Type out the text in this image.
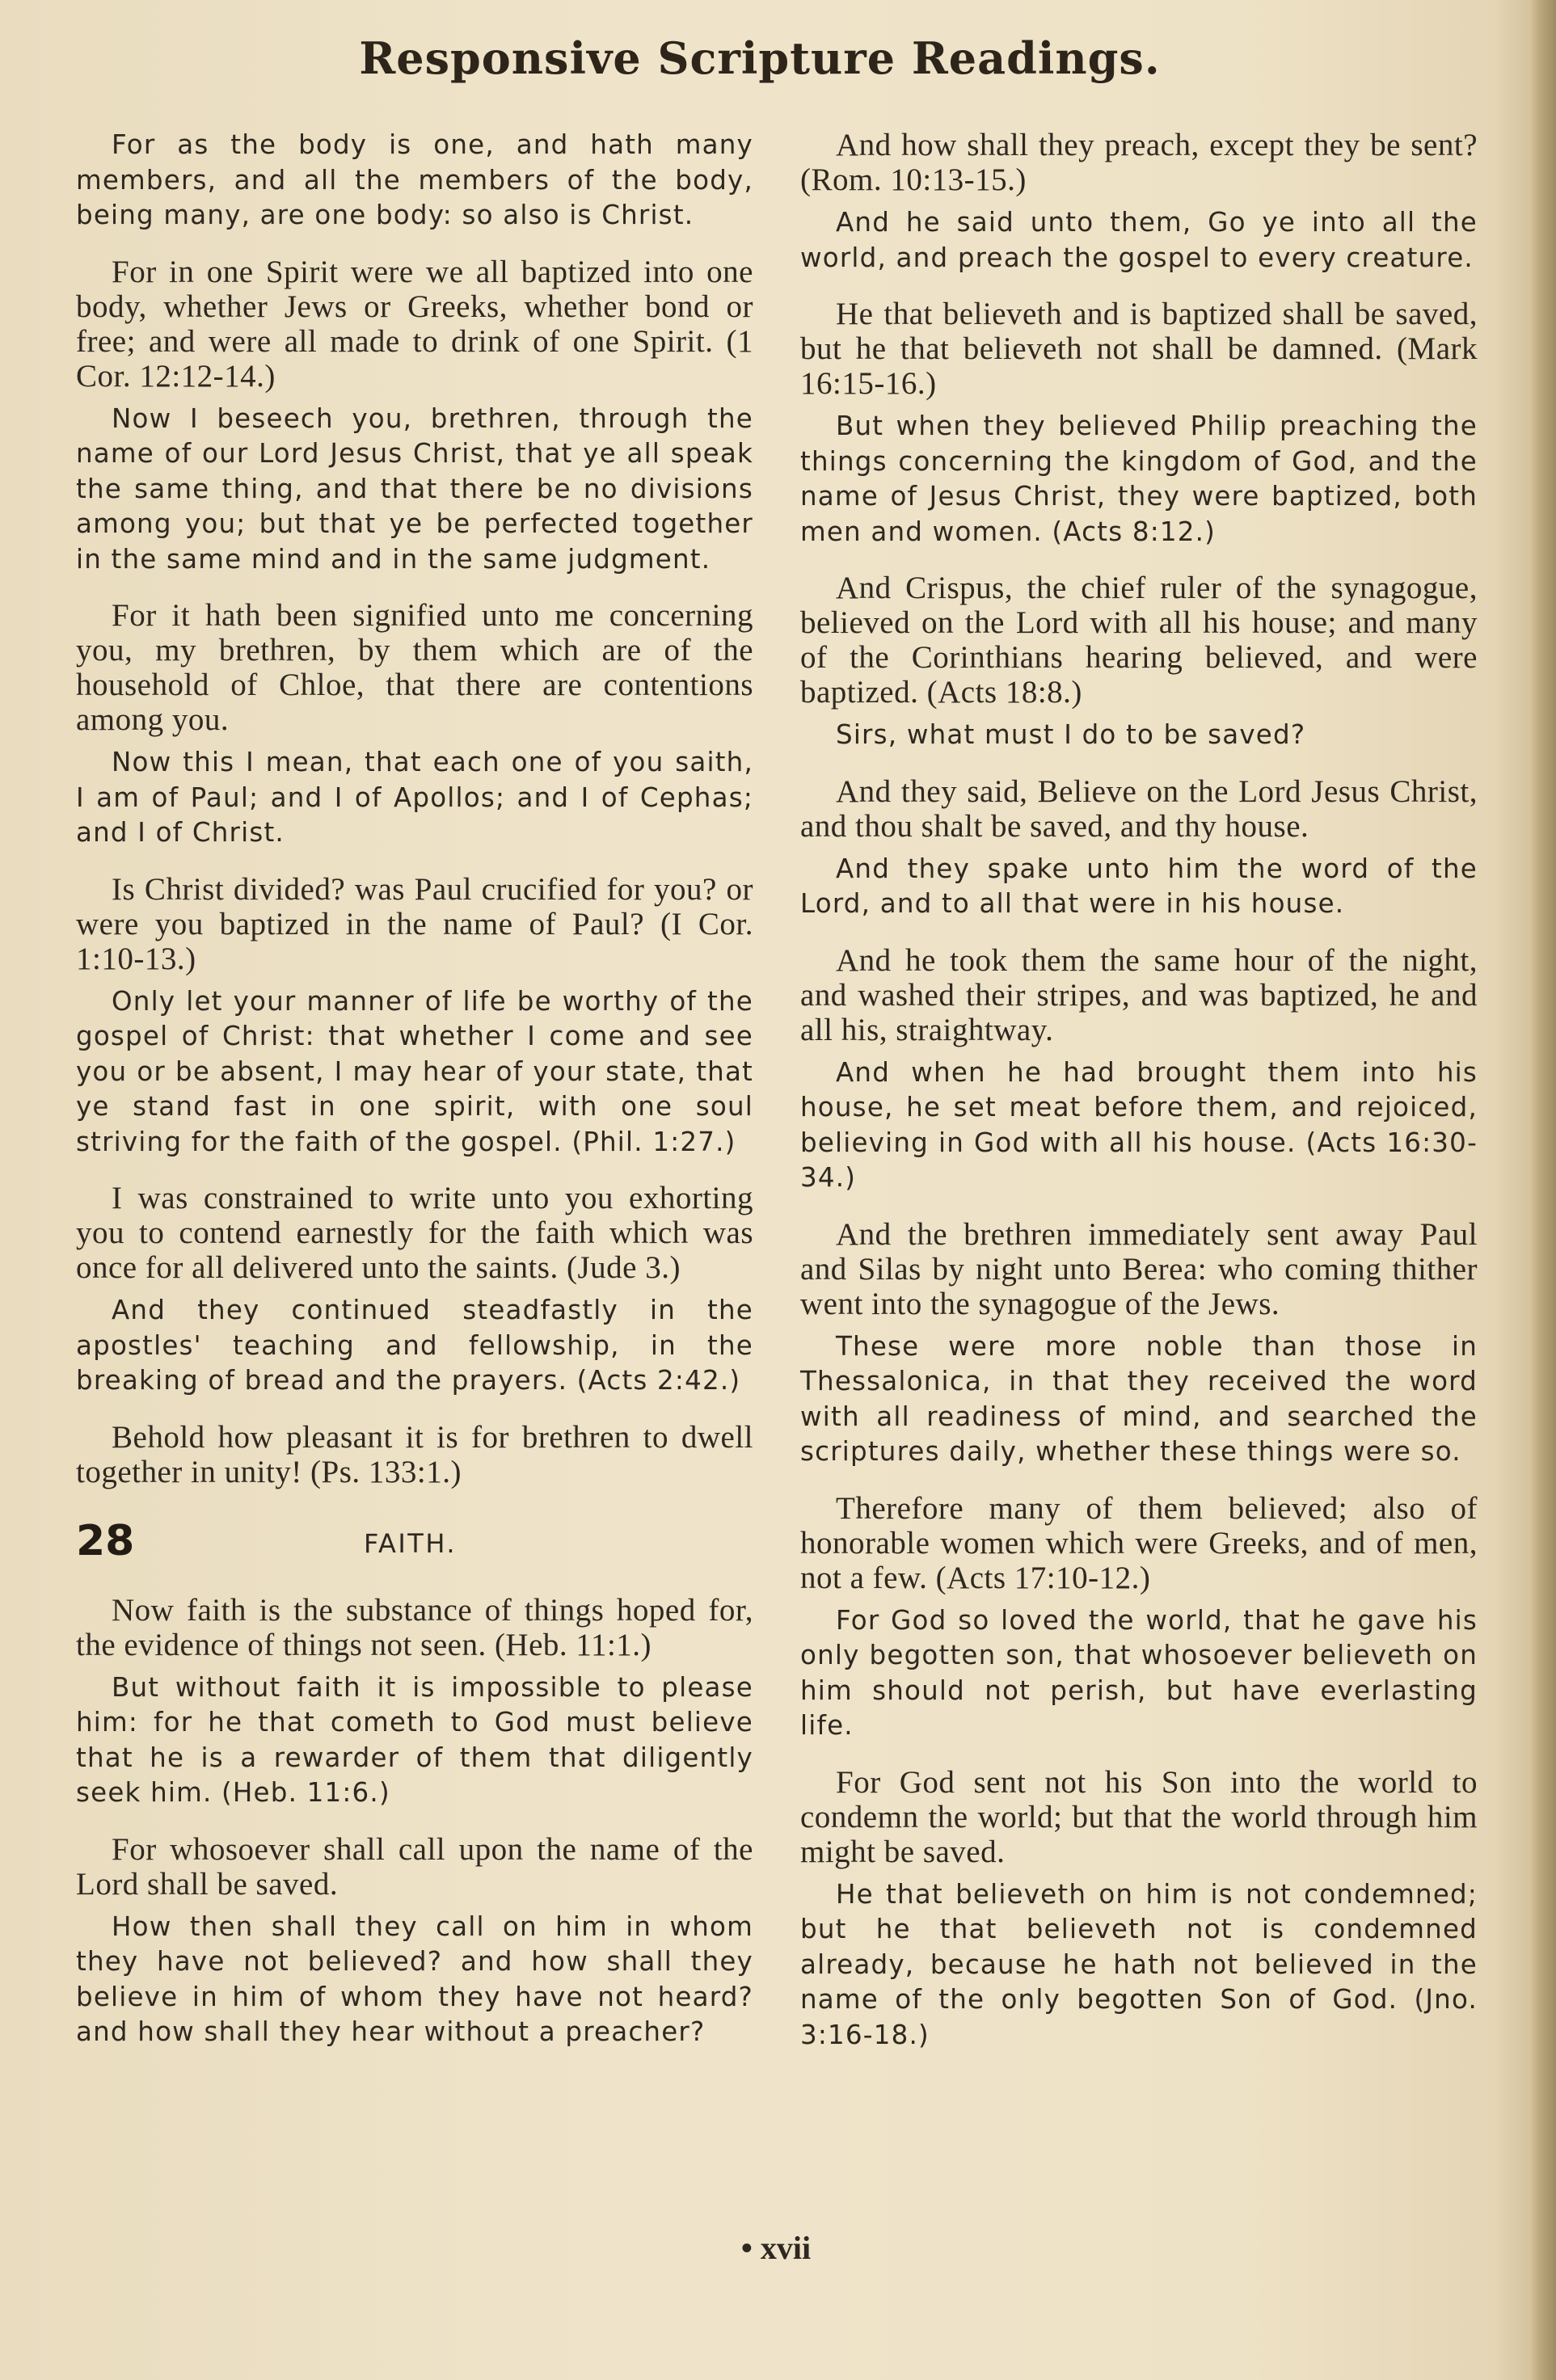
Responsive Scripture Readings.

For as the body is one, and hath many members, and all the members of the body, being many, are one body: so also is Christ.

For in one Spirit were we all baptized into one body, whether Jews or Greeks, whether bond or free; and were all made to drink of one Spirit. (1 Cor. 12:12-14.)

Now I beseech you, brethren, through the name of our Lord Jesus Christ, that ye all speak the same thing, and that there be no divisions among you; but that ye be perfected together in the same mind and in the same judgment.

For it hath been signified unto me concerning you, my brethren, by them which are of the household of Chloe, that there are contentions among you.

Now this I mean, that each one of you saith, I am of Paul; and I of Apollos; and I of Cephas; and I of Christ.

Is Christ divided? was Paul crucified for you? or were you baptized in the name of Paul? (I Cor. 1:10-13.)

Only let your manner of life be worthy of the gospel of Christ: that whether I come and see you or be absent, I may hear of your state, that ye stand fast in one spirit, with one soul striving for the faith of the gospel. (Phil. 1:27.)

I was constrained to write unto you exhorting you to contend earnestly for the faith which was once for all delivered unto the saints. (Jude 3.)

And they continued steadfastly in the apostles' teaching and fellowship, in the breaking of bread and the prayers. (Acts 2:42.)

Behold how pleasant it is for brethren to dwell together in unity! (Ps. 133:1.)

28	FAITH.

Now faith is the substance of things hoped for, the evidence of things not seen. (Heb. 11:1.)

But without faith it is impossible to please him: for he that cometh to God must believe that he is a rewarder of them that diligently seek him. (Heb. 11:6.)

For whosoever shall call upon the name of the Lord shall be saved.

How then shall they call on him in whom they have not believed? and how shall they believe in him of whom they have not heard? and how shall they hear without a preacher?

And how shall they preach, except they be sent? (Rom. 10:13-15.)

And he said unto them, Go ye into all the world, and preach the gospel to every creature.

He that believeth and is baptized shall be saved, but he that believeth not shall be damned. (Mark 16:15-16.)

But when they believed Philip preaching the things concerning the kingdom of God, and the name of Jesus Christ, they were baptized, both men and women. (Acts 8:12.)

And Crispus, the chief ruler of the synagogue, believed on the Lord with all his house; and many of the Corinthians hearing believed, and were baptized. (Acts 18:8.)

Sirs, what must I do to be saved?

And they said, Believe on the Lord Jesus Christ, and thou shalt be saved, and thy house.

And they spake unto him the word of the Lord, and to all that were in his house.

And he took them the same hour of the night, and washed their stripes, and was baptized, he and all his, straightway.

And when he had brought them into his house, he set meat before them, and rejoiced, believing in God with all his house. (Acts 16:30-34.)

And the brethren immediately sent away Paul and Silas by night unto Berea: who coming thither went into the synagogue of the Jews.

These were more noble than those in Thessalonica, in that they received the word with all readiness of mind, and searched the scriptures daily, whether these things were so.

Therefore many of them believed; also of honorable women which were Greeks, and of men, not a few. (Acts 17:10-12.)

For God so loved the world, that he gave his only begotten son, that whosoever believeth on him should not perish, but have everlasting life.

For God sent not his Son into the world to condemn the world; but that the world through him might be saved.

He that believeth on him is not condemned; but he that believeth not is condemned already, because he hath not believed in the name of the only begotten Son of God. (Jno. 3:16-18.)

• xvii
